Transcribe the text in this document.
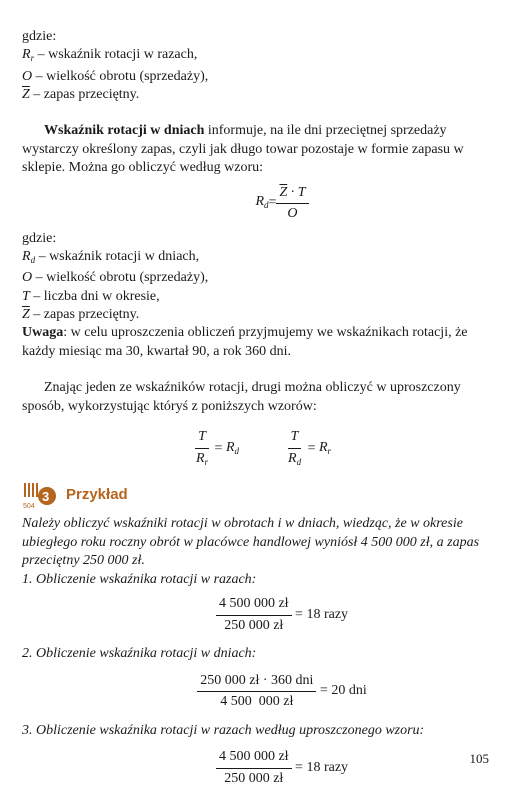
gdzie:

$R_r$ – wskaźnik rotacji w razach,

O – wielkość obrotu (sprzedaży),

$\overline{Z}$ – zapas przeciętny.

Wskaźnik rotacji w dniach informuje, na ile dni przeciętnej sprzedaży wystarczy określony zapas, czyli jak długo towar pozostaje w formie zapasu w sklepie. Można go obliczyć według wzoru:

$R_d = \frac{\overline{Z} \cdot T}{O}$

gdzie:

$R_d$ – wskaźnik rotacji w dniach,

O – wielkość obrotu (sprzedaży),

T – liczba dni w okresie,

$\overline{Z}$ – zapas przeciętny.

Uwaga: w celu uproszczenia obliczeń przyjmujemy we wskaźnikach rotacji, że każdy miesiąc ma 30, kwartał 90, a rok 360 dni.

Znając jeden ze wskaźników rotacji, drugi można obliczyć w uproszczony sposób, wykorzystując któryś z poniższych wzorów:

$\frac{T}{R_r} = R_d$	$\frac{T}{R_d} = R_r$
3
504
Przykład

Należy obliczyć wskaźniki rotacji w obrotach i w dniach, wiedząc, że w okresie ubiegłego roku roczny obrót w placówce handlowej wyniósł 4 500 000 zł, a zapas przeciętny 250 000 zł.

1. Obliczenie wskaźnika rotacji w razach:

$\frac{4 500 000 zł}{250 000 zł} = 18$ razy

2. Obliczenie wskaźnika rotacji w dniach:

$\frac{\text{250 000 zł · 360 dni}}{4 500 000 zł} = 20$ dni

3. Obliczenie wskaźnika rotacji w razach według uproszczonego wzoru:

$\frac{4 500 000 zł}{250 000 zł} = 18$ razy
105
